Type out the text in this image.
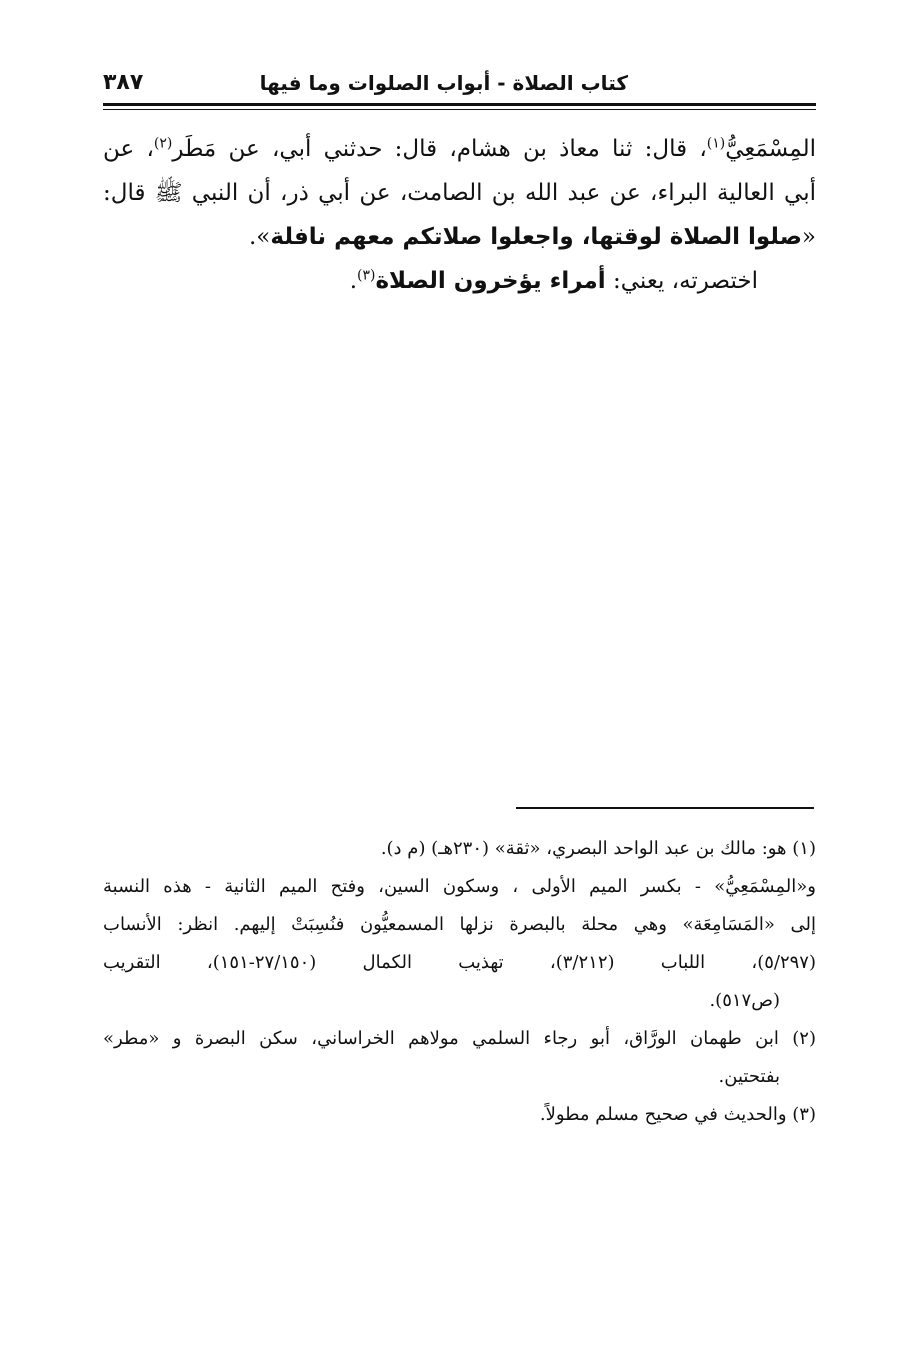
كتاب الصلاة - أبواب الصلوات وما فيها
٣٨٧
المِسْمَعِيُّ$^{(١)}$، قال: ثنا معاذ بن هشام، قال: حدثني أبي، عن مَطَر$^{(٢)}$، عن
أبي العالية البراء، عن عبد الله بن الصامت، عن أبي ذر، أن النبي ﷺ قال:
«صلوا الصلاة لوقتها، واجعلوا صلاتكم معهم نافلة».
اختصرته، يعني: أمراء يؤخرون الصلاة$^{(٣)}$.
(١) هو: مالك بن عبد الواحد البصري، «ثقة» (٢٣٠هـ) (م د).
و«المِسْمَعِيُّ» - بكسر الميم الأولى ، وسكون السين، وفتح الميم الثانية - هذه النسبة
إلى «المَسَامِعَة» وهي محلة بالبصرة نزلها المسمعيُّون فنُسِبَتْ إليهم. انظر: الأنساب
(٥/٢٩٧)، اللباب (٣/٢١٢)، تهذيب الكمال (٢٧/١٥٠-١٥١)، التقريب
(ص٥١٧).
(٢) ابن طهمان الورَّاق، أبو رجاء السلمي مولاهم الخراساني، سكن البصرة و «مطر»
بفتحتين.
(٣) والحديث في صحيح مسلم مطولاً.
